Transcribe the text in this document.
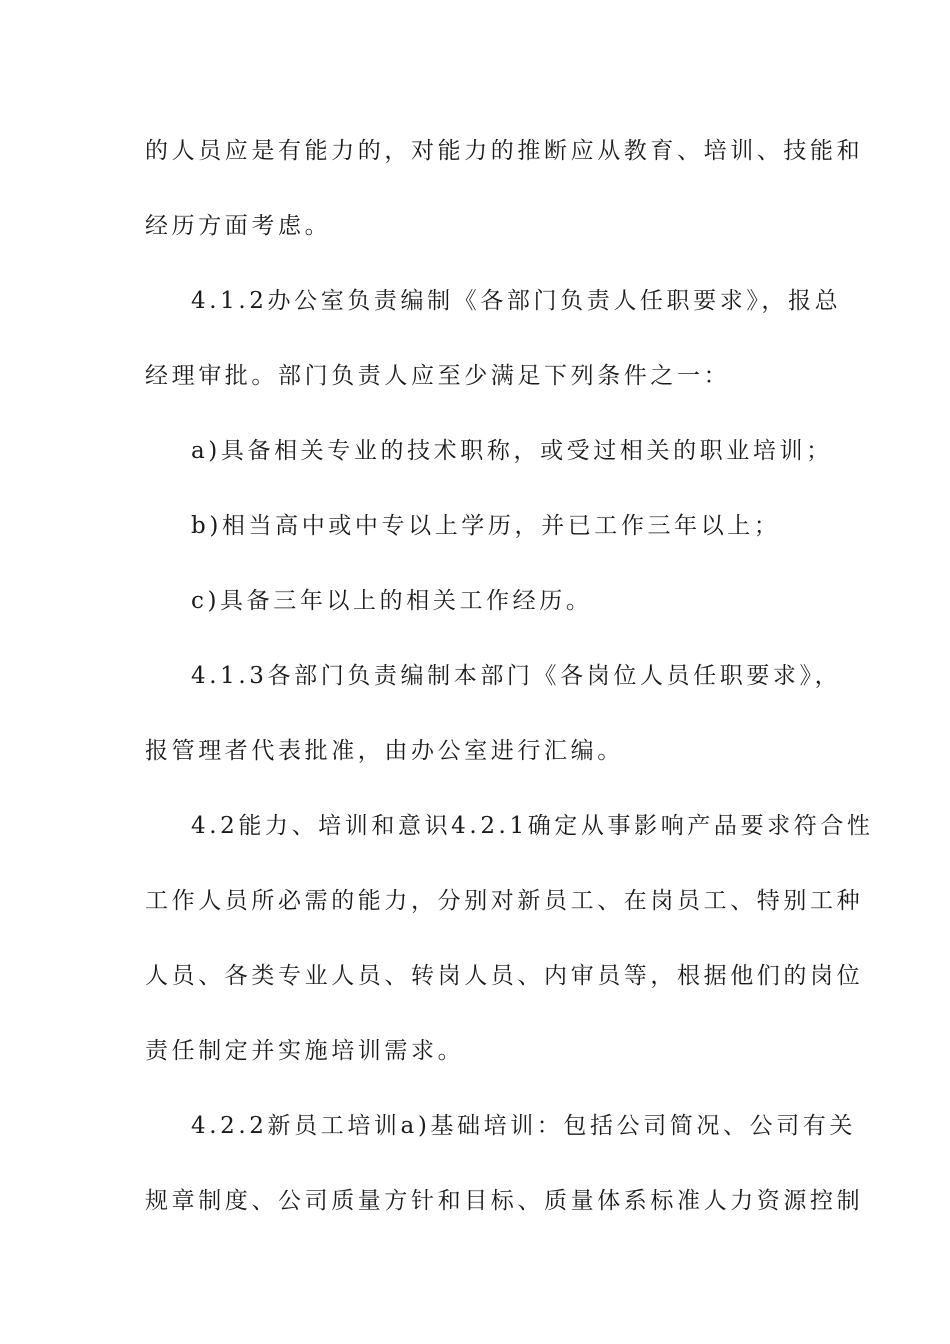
的人员应是有能力的，对能力的推断应从教育、培训、技能和
经历方面考虑。
4.1.2办公室负责编制《各部门负责人任职要求》，报总
经理审批。部门负责人应至少满足下列条件之一：
a)具备相关专业的技术职称，或受过相关的职业培训；
b)相当高中或中专以上学历，并已工作三年以上；
c)具备三年以上的相关工作经历。
4.1.3各部门负责编制本部门《各岗位人员任职要求》，
报管理者代表批准，由办公室进行汇编。
4.2能力、培训和意识4.2.1确定从事影响产品要求符合性
工作人员所必需的能力，分别对新员工、在岗员工、特别工种
人员、各类专业人员、转岗人员、内审员等，根据他们的岗位
责任制定并实施培训需求。
4.2.2新员工培训a)基础培训：包括公司简况、公司有关
规章制度、公司质量方针和目标、质量体系标准人力资源控制
